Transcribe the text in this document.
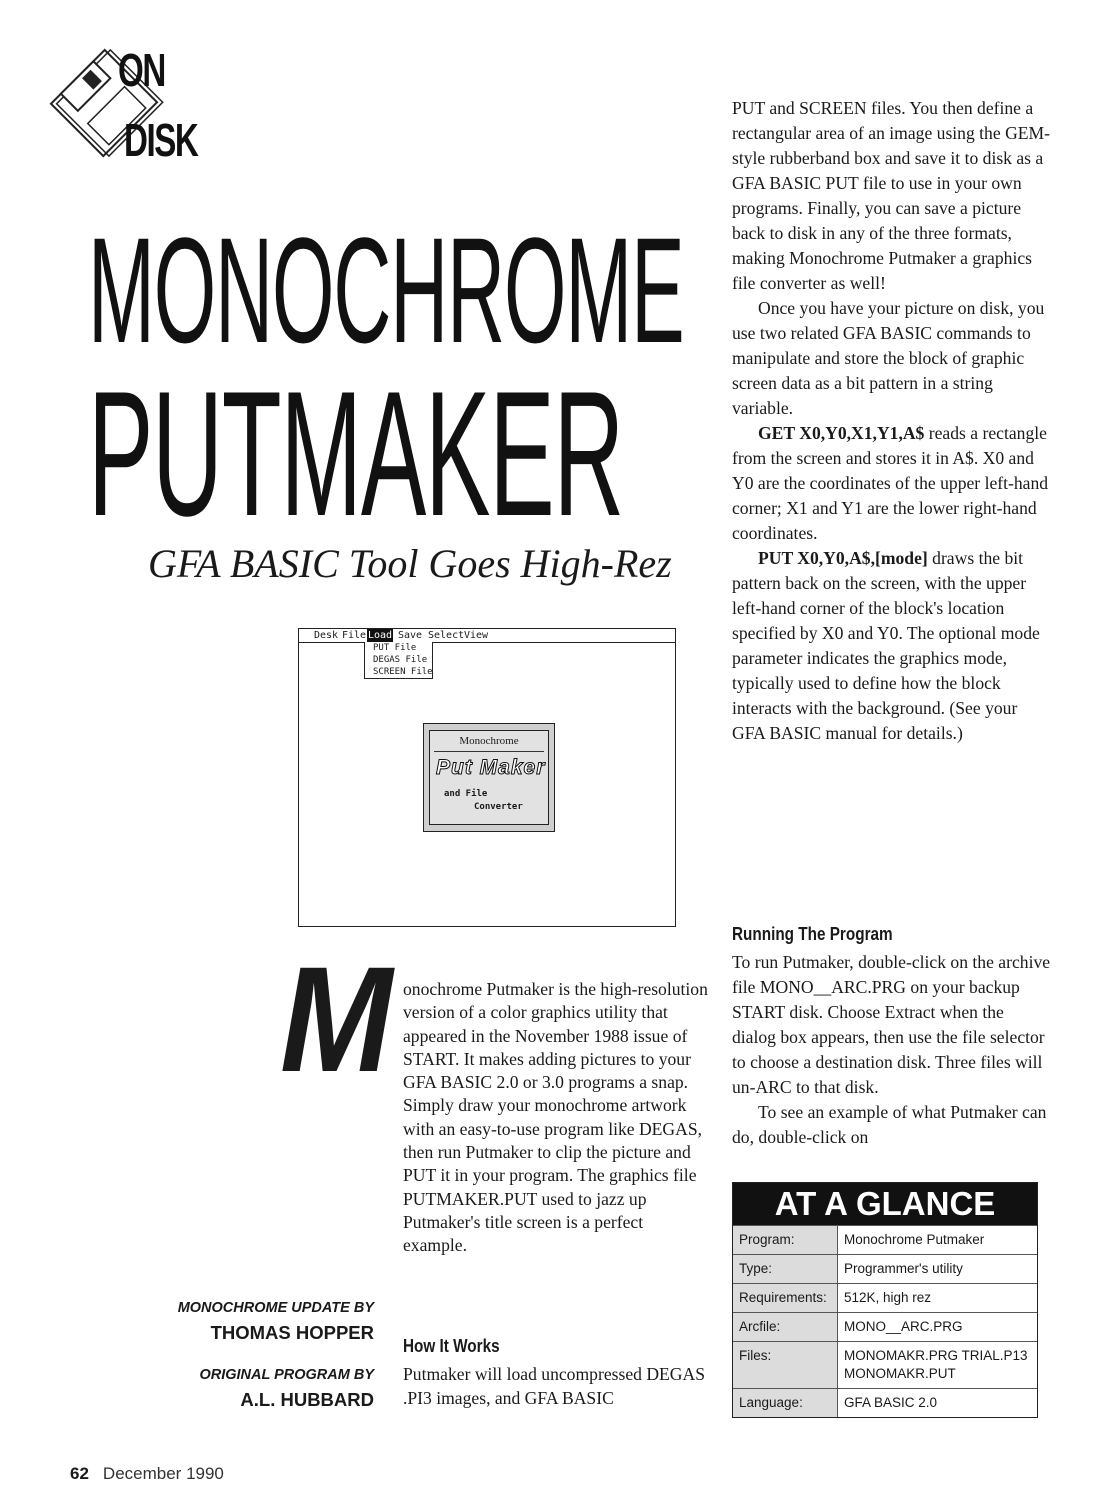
ON
DISK
MONOCHROME
PUTMAKER
GFA BASIC Tool Goes High-Rez
Desk File Load Save Select View
PUT File
DEGAS File
SCREEN File
Monochrome
Put Maker
and File
Converter
M onochrome Putmaker is the high-resolution version of a color graphics utility that appeared in the November 1988 issue of START. It makes adding pictures to your GFA BASIC 2.0 or 3.0 programs a snap. Simply draw your monochrome artwork with an easy-to-use program like DEGAS, then run Putmaker to clip the picture and PUT it in your program. The graphics file PUTMAKER.PUT used to jazz up Putmaker's title screen is a perfect example.
How It Works
Putmaker will load uncompressed DEGAS .PI3 images, and GFA BASIC

PUT and SCREEN files. You then define a rectangular area of an image using the GEM-style rubberband box and save it to disk as a GFA BASIC PUT file to use in your own programs. Finally, you can save a picture back to disk in any of the three formats, making Monochrome Putmaker a graphics file converter as well!

Once you have your picture on disk, you use two related GFA BASIC commands to manipulate and store the block of graphic screen data as a bit pattern in a string variable.

GET X0,Y0,X1,Y1,A$ reads a rectangle from the screen and stores it in A$. X0 and Y0 are the coordinates of the upper left-hand corner; X1 and Y1 are the lower right-hand coordinates.

PUT X0,Y0,A$,[mode] draws the bit pattern back on the screen, with the upper left-hand corner of the block's location specified by X0 and Y0. The optional mode parameter indicates the graphics mode, typically used to define how the block interacts with the background. (See your GFA BASIC manual for details.)

Running The Program

To run Putmaker, double-click on the archive file MONO__ARC.PRG on your backup START disk. Choose Extract when the dialog box appears, then use the file selector to choose a destination disk. Three files will un-ARC to that disk.

To see an example of what Putmaker can do, double-click on

MONOCHROME UPDATE BY
THOMAS HOPPER
ORIGINAL PROGRAM BY
A.L. HUBBARD
AT A GLANCE
Program:	Monochrome Putmaker
Type:	Programmer's utility
Requirements:	512K, high rez
Arcfile:	MONO__ARC.PRG
Files:	MONOMAKR.PRG TRIAL.P13
MONOMAKR.PUT

Language:	GFA BASIC 2.0
62 December 1990
